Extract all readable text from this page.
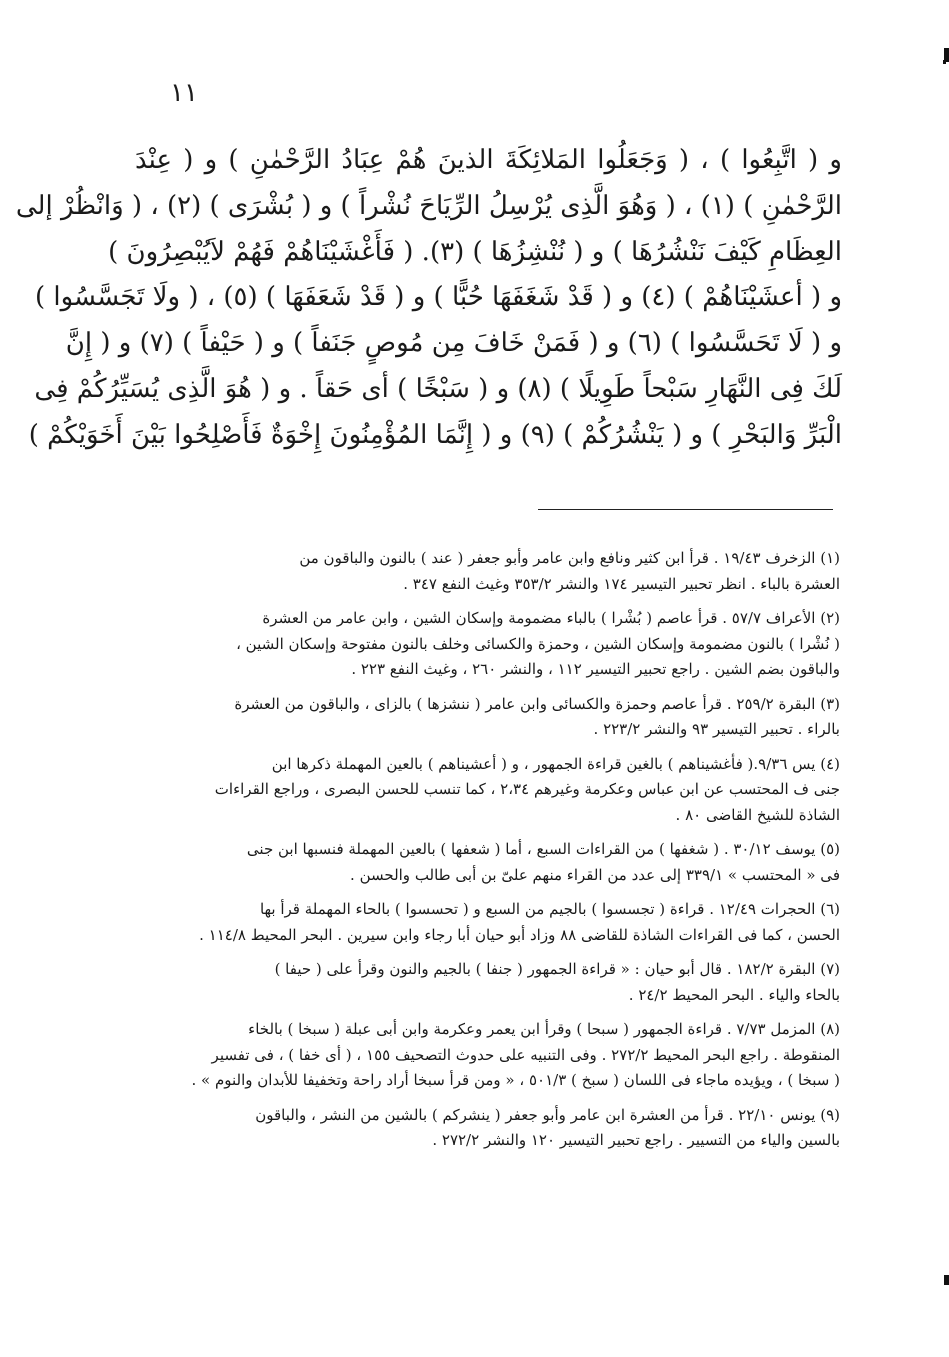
١١
و ( اتَّبِعُوا ) ، ( وَجَعَلُوا المَلائِكَةَ الذينَ هُمْ عِبَادُ الرَّحْمٰنِ ) و ( عِنْدَ
الرَّحْمٰنِ ) (١) ، ( وَهُوَ الَّذِى يُرْسِلُ الرِّيَاحَ نُشْراً ) و ( بُشْرَى ) (٢) ، ( وَانْظُرْ إلى
العِظَامِ كَيْفَ نَنْشُرُهَا ) و ( نُنْشِزُهَا ) (٣). ( فَأَغْشَيْنَاهُمْ فَهُمْ لاَيُبْصِرُونَ )
و ( أعشَيْنَاهُمْ ) (٤) و ( قَدْ شَغَفَهَا حُبًّا ) و ( قَدْ شَعَفَهَا ) (٥) ، ( ولَا تَجَسَّسُوا )
و ( لَا تَحَسَّسُوا ) (٦) و ( فَمَنْ خَافَ مِن مُوصٍ جَنَفاً ) و ( حَيْفاً ) (٧) و ( إِنَّ
لَكَ فِى النَّهَارِ سَبْحاً طَوِيلًا ) (٨) و ( سَبْخًا ) أى حَقاً . و ( هُوَ الَّذِى يُسَيِّرُكُمْ فِى
الْبَرِّ وَالبَحْرِ ) و ( يَنْشُرُكُمْ ) (٩) و ( إِنَّمَا المُؤْمِنُونَ إِخْوَةٌ فَأَصْلِحُوا بَيْنَ أَخَوَيْكُمْ )
(١) الزخرف ١٩/٤٣ . قرأ ابن كثير ونافع وابن عامر وأبو جعفر ( عند ) بالنون والباقون من
العشرة بالباء . انظر تحبير التيسير ١٧٤ والنشر ٣٥٣/٢ وغيث النفع ٣٤٧ .
(٢) الأعراف ٥٧/٧ . قرأ عاصم ( بُشْرا ) بالباء مضمومة وإسكان الشين ، وابن عامر من العشرة
( نُشْرا ) بالنون مضمومة وإسكان الشين ، وحمزة والكسائى وخلف بالنون مفتوحة وإسكان الشين ،
والباقون بضم الشين . راجع تحبير التيسير ١١٢ ، والنشر ٢٦٠ ، وغيث النفع ٢٢٣ .
(٣) البقرة ٢٥٩/٢ . قرأ عاصم وحمزة والكسائى وابن عامر ( ننشزها ) بالزاى ، والباقون من العشرة
بالراء . تحبير التيسير ٩٣ والنشر ٢٢٣/٢ .
(٤) يس ٩/٣٦.( فأغشيناهم ) بالغين قراءة الجمهور ، و ( أعشيناهم ) بالعين المهملة ذكرها ابن
جنى ف المحتسب عن ابن عباس وعكرمة وغيرهم ٢،٣٤ ، كما تنسب للحسن البصرى ، وراجع القراءات
الشاذة للشيخ القاضى ٨٠ .
(٥) يوسف ٣٠/١٢ . ( شغفها ) من القراءات السبع ، أما ( شعفها ) بالعين المهملة فنسبها ابن جنى
فى « المحتسب » ٣٣٩/١ إلى عدد من القراء منهم علىّ بن أبى طالب والحسن .
(٦) الحجرات ١٢/٤٩ . قراءة ( تجسسوا ) بالجيم من السبع و ( تحسسوا ) بالحاء المهملة قرأ بها
الحسن ، كما فى القراءات الشاذة للقاضى ٨٨ وزاد أبو حيان أبا رجاء وابن سيرين . البحر المحيط ١١٤/٨ .
(٧) البقرة ١٨٢/٢ . قال أبو حيان : « قراءة الجمهور ( جنفا ) بالجيم والنون وقرأ على ( حيفا )
بالحاء والياء . البحر المحيط ٢٤/٢ .
(٨) المزمل ٧/٧٣ . قراءة الجمهور ( سبحا ) وقرأ ابن يعمر وعكرمة وابن أبى عبلة ( سبخا ) بالخاء
المنقوطة . راجع البحر المحيط ٢٧٢/٢ . وفى التنبيه على حدوث التصحيف ١٥٥ ، ( أى خفا ) ، فى تفسير
( سبخا ) ، ويؤيده ماجاء فى اللسان ( سبخ ) ٥٠١/٣ ، « ومن قرأ سبخا أراد راحة وتخفيفا للأبدان والنوم » .
(٩) يونس ٢٢/١٠ . قرأ من العشرة ابن عامر وأبو جعفر ( ينشركم ) بالشين من النشر ، والباقون
بالسين والياء من التسيير . راجع تحبير التيسير ١٢٠ والنشر ٢٧٢/٢ .
